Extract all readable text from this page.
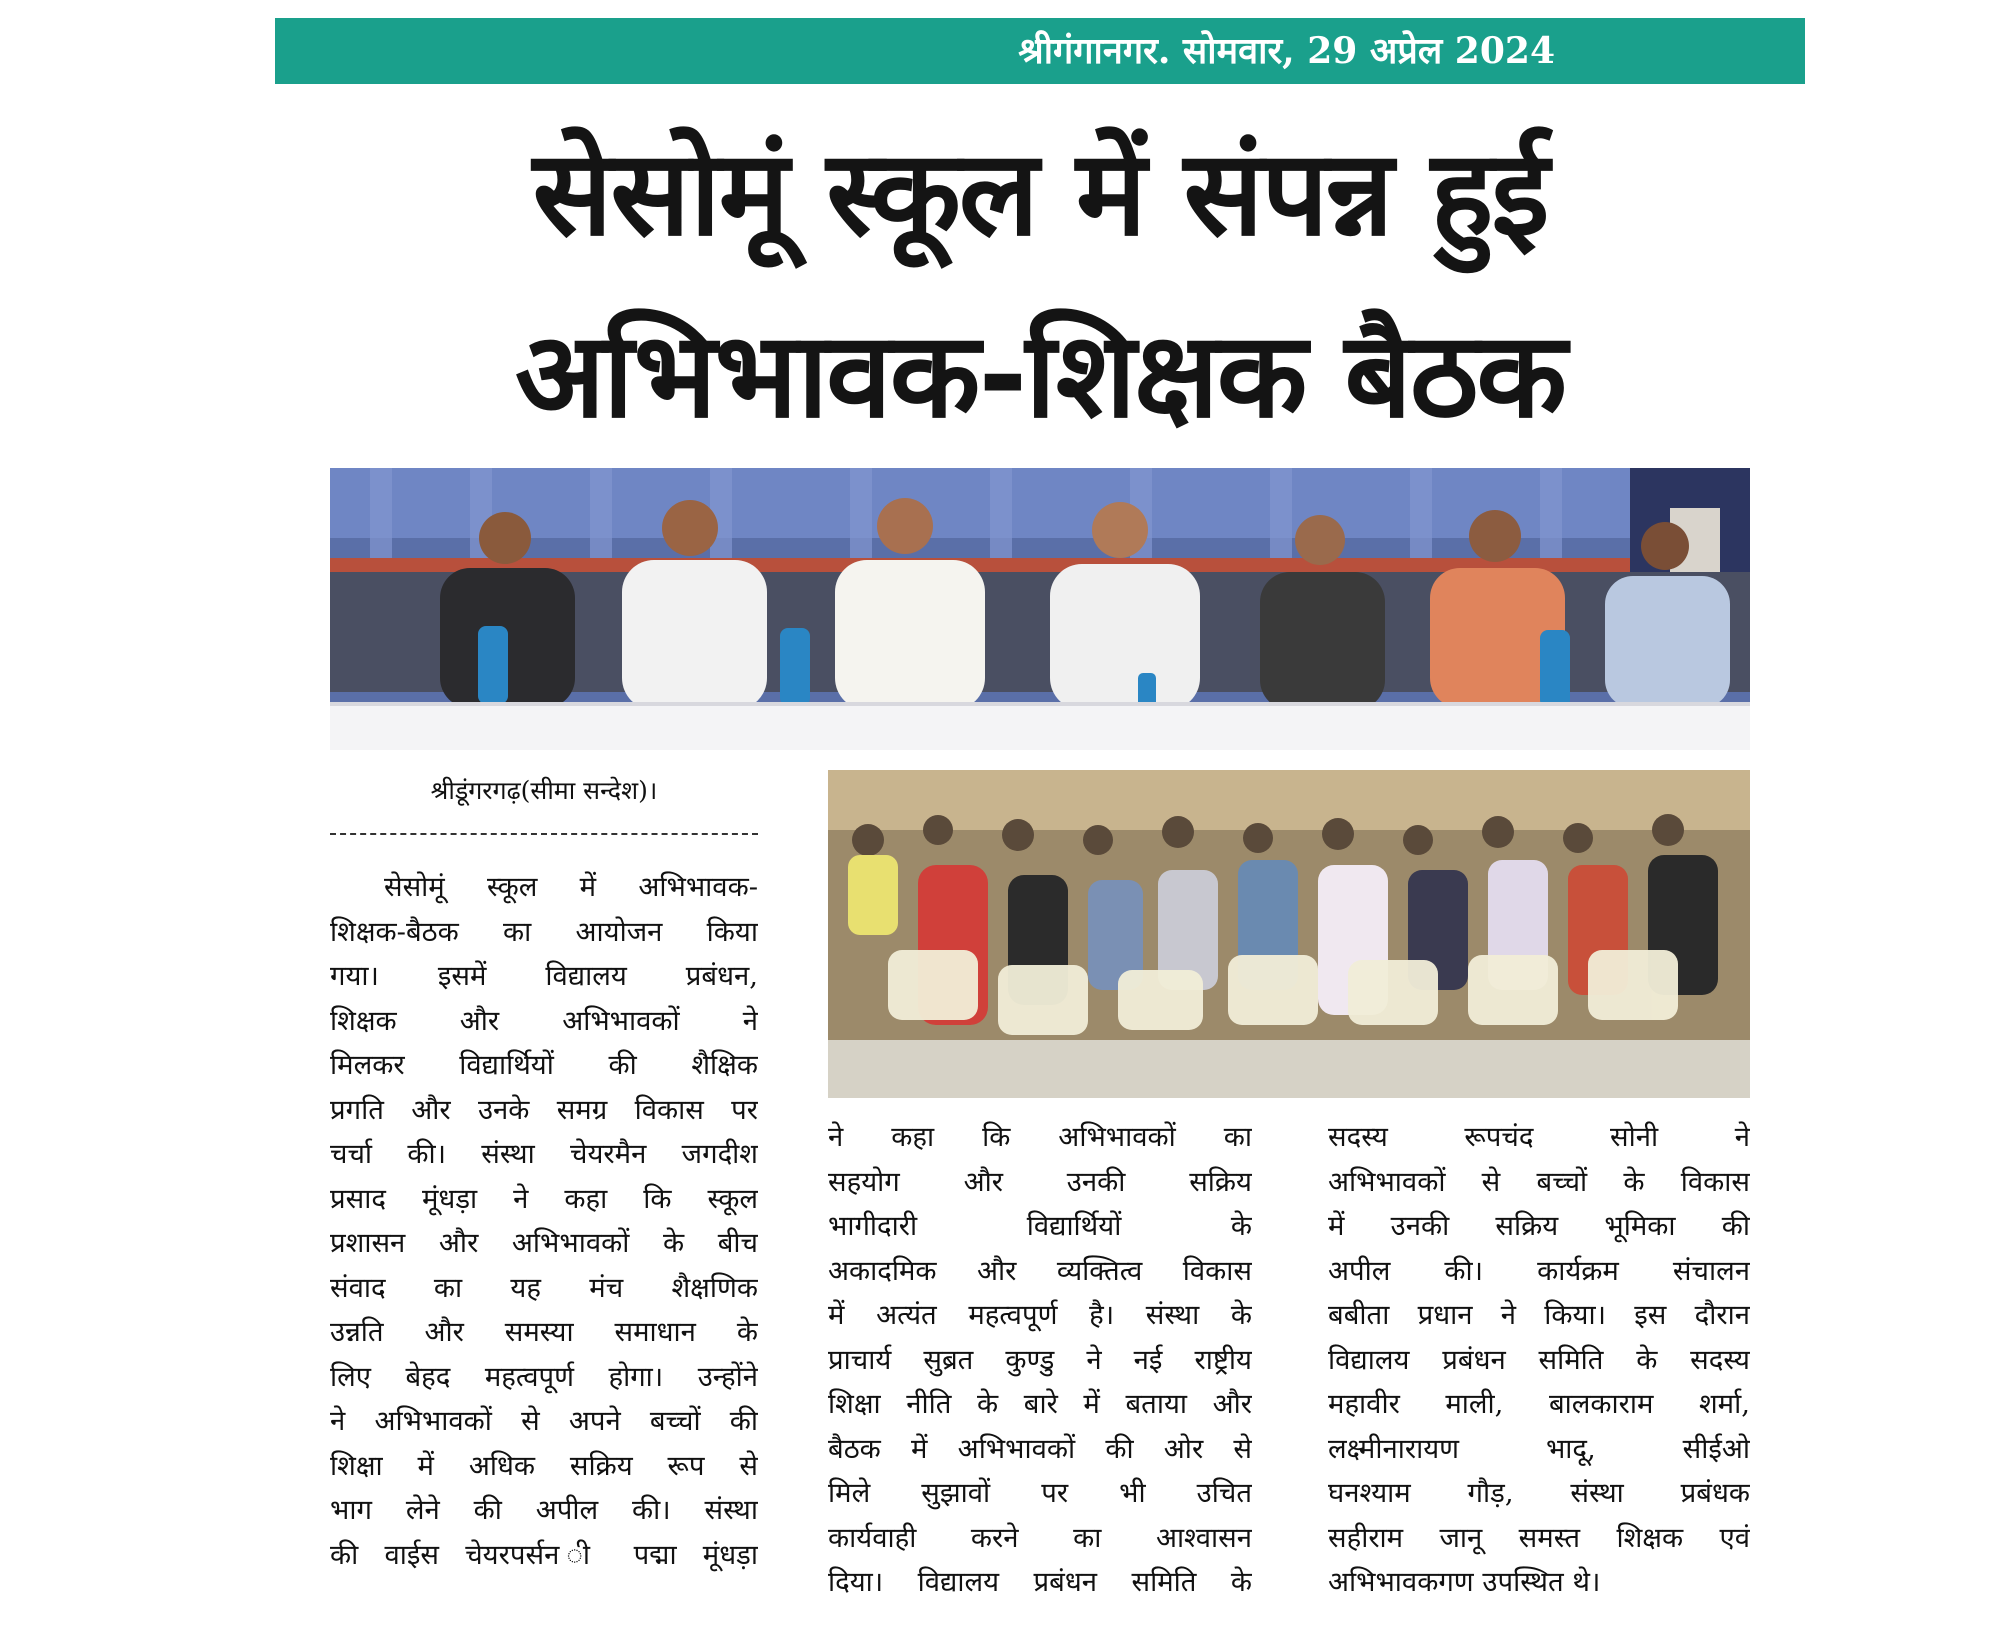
श्रीगंगानगर. सोमवार, 29 अप्रेल 2024
सेसोमूं स्कूल में संपन्न हुई
अभिभावक-शिक्षक बैठक
श्रीडूंगरगढ़(सीमा सन्देश)।
सेसोमूं स्कूल में अभिभावक-
शिक्षक-बैठक का आयोजन किया
गया। इसमें विद्यालय प्रबंधन,
शिक्षक और अभिभावकों ने
मिलकर विद्यार्थियों की शैक्षिक
प्रगति और उनके समग्र विकास पर
चर्चा की। संस्था चेयरमैन जगदीश
प्रसाद मूंधड़ा ने कहा कि स्कूल
प्रशासन और अभिभावकों के बीच
संवाद का यह मंच शैक्षणिक
उन्नति और समस्या समाधान के
लिए बेहद महत्वपूर्ण होगा। उन्होंने
ने अभिभावकों से अपने बच्चों की
शिक्षा में अधिक सक्रिय रूप से
भाग लेने की अपील की। संस्था
की वाईस चेयरपर्सन ी पद्मा मूंधड़ा
ने कहा कि अभिभावकों का
सहयोग और उनकी सक्रिय
भागीदारी विद्यार्थियों के
अकादमिक और व्यक्तित्व विकास
में अत्यंत महत्वपूर्ण है। संस्था के
प्राचार्य सुब्रत कुण्डु ने नई राष्ट्रीय
शिक्षा नीति के बारे में बताया और
बैठक में अभिभावकों की ओर से
मिले सुझावों पर भी उचित
कार्यवाही करने का आश्वासन
दिया। विद्यालय प्रबंधन समिति के
सदस्य रूपचंद सोनी ने
अभिभावकों से बच्चों के विकास
में उनकी सक्रिय भूमिका की
अपील की। कार्यक्रम संचालन
बबीता प्रधान ने किया। इस दौरान
विद्यालय प्रबंधन समिति के सदस्य
महावीर माली, बालकाराम शर्मा,
लक्ष्मीनारायण भादू, सीईओ
घनश्याम गौड़, संस्था प्रबंधक
सहीराम जानू समस्त शिक्षक एवं
अभिभावकगण उपस्थित थे।
